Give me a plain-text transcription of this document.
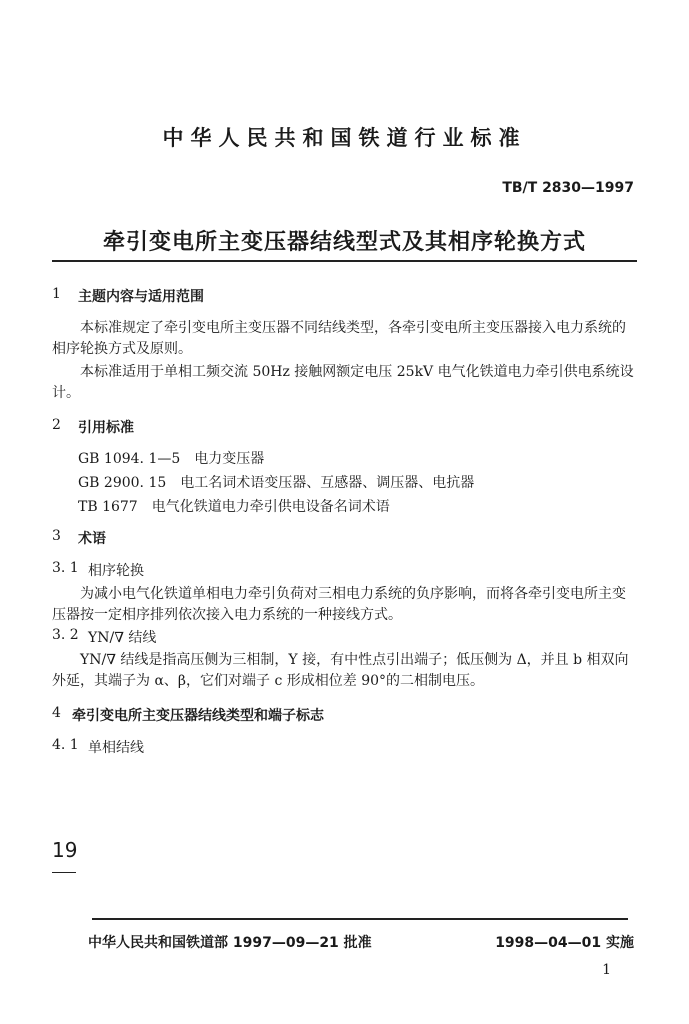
中华人民共和国铁道行业标准
TB/T 2830—1997
牵引变电所主变压器结线型式及其相序轮换方式
1 主题内容与适用范围
本标准规定了牵引变电所主变压器不同结线类型，各牵引变电所主变压器接入电力系统的相序轮换方式及原则。
本标准适用于单相工频交流 50Hz 接触网额定电压 25kV 电气化铁道电力牵引供电系统设计。
2 引用标准
GB 1094. 1—5　电力变压器
GB 2900. 15　电工名词术语变压器、互感器、调压器、电抗器
TB 1677　电气化铁道电力牵引供电设备名词术语
3 术语
3. 1 相序轮换
为减小电气化铁道单相电力牵引负荷对三相电力系统的负序影响，而将各牵引变电所主变压器按一定相序排列依次接入电力系统的一种接线方式。
3. 2 YN/∇ 结线
YN/∇ 结线是指高压侧为三相制，Y 接，有中性点引出端子；低压侧为 Δ，并且 b 相双向外延，其端子为 α、β，它们对端子 c 形成相位差 90°的二相制电压。
4 牵引变电所主变压器结线类型和端子标志
4. 1 单相结线
19
中华人民共和国铁道部 1997—09—21 批准	1998—04—01 实施
1
